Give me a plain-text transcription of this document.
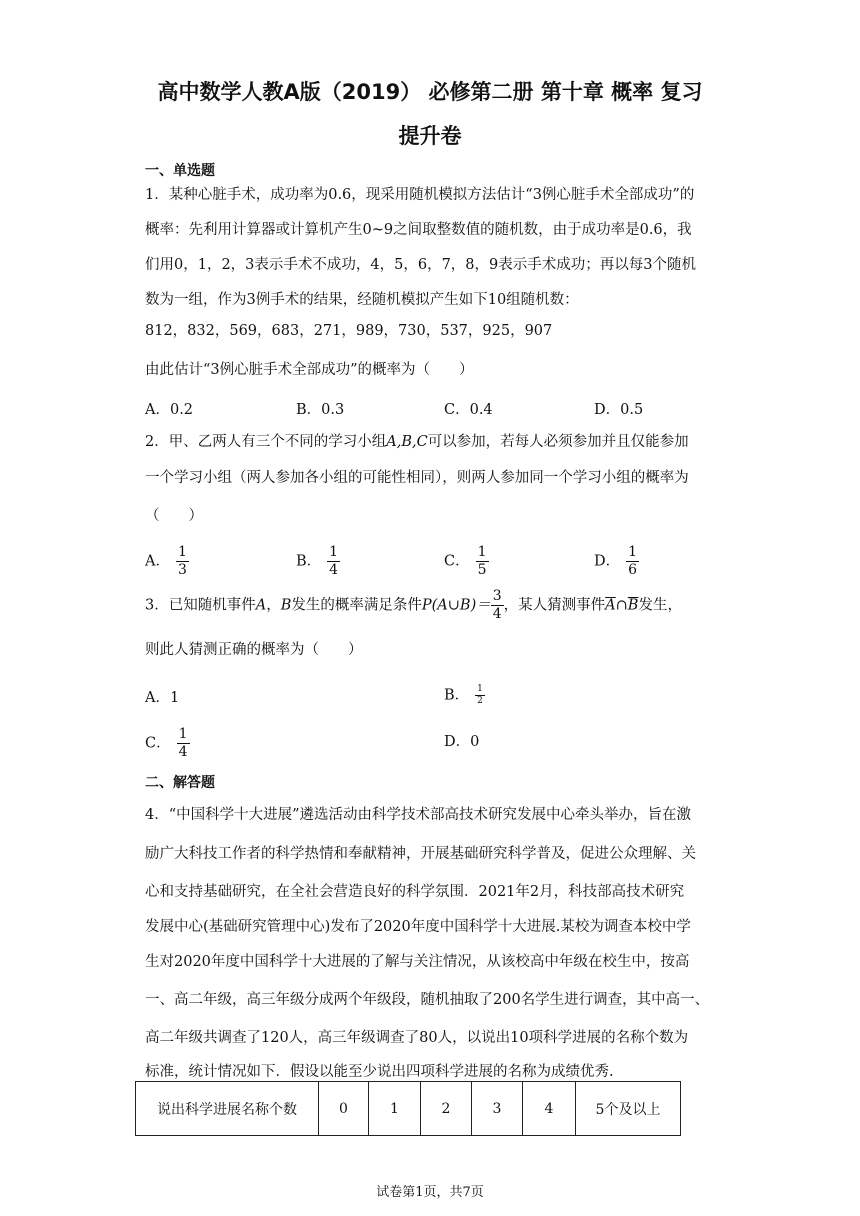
高中数学人教A版（2019） 必修第二册 第十章 概率 复习
提升卷
一、单选题
1．某种心脏手术，成功率为0.6，现采用随机模拟方法估计“3例心脏手术全部成功”的
概率：先利用计算器或计算机产生0~9之间取整数值的随机数，由于成功率是0.6，我
们用0，1，2，3表示手术不成功，4，5，6，7，8，9表示手术成功；再以每3个随机
数为一组，作为3例手术的结果，经随机模拟产生如下10组随机数：
812，832，569，683，271，989，730，537，925，907
由此估计“3例心脏手术全部成功”的概率为（　　）
A．0.2	B．0.3	C．0.4	D．0.5
2．甲、乙两人有三个不同的学习小组A,B,C可以参加，若每人必须参加并且仅能参加
一个学习小组（两人参加各小组的可能性相同），则两人参加同一个学习小组的概率为
（　　）
A． $\frac{1}{3}$	B． $\frac{1}{4}$	C． $\frac{1}{5}$	D． $\frac{1}{6}$
3．已知随机事件A，B发生的概率满足条件P(A∪B)＝ $\frac{3}{4}$ ，某人猜测事件$\overline{A}\cap\overline{B}$发生，
则此人猜测正确的概率为（　　）
A．1	B． $\frac{1}{2}$
C． $\frac{1}{4}$	D．0
二、解答题
4．“中国科学十大进展”遴选活动由科学技术部高技术研究发展中心牵头举办，旨在激
励广大科技工作者的科学热情和奉献精神，开展基础研究科学普及，促进公众理解、关
心和支持基础研究，在全社会营造良好的科学氛围．2021年2月，科技部高技术研究
发展中心(基础研究管理中心)发布了2020年度中国科学十大进展.某校为调查本校中学
生对2020年度中国科学十大进展的了解与关注情况，从该校高中年级在校生中，按高
一、高二年级，高三年级分成两个年级段，随机抽取了200名学生进行调查，其中高一、
高二年级共调查了120人，高三年级调查了80人，以说出10项科学进展的名称个数为
标准，统计情况如下．假设以能至少说出四项科学进展的名称为成绩优秀.
说出科学进展名称个数	0	1	2	3	4	5个及以上
试卷第1页，共7页
